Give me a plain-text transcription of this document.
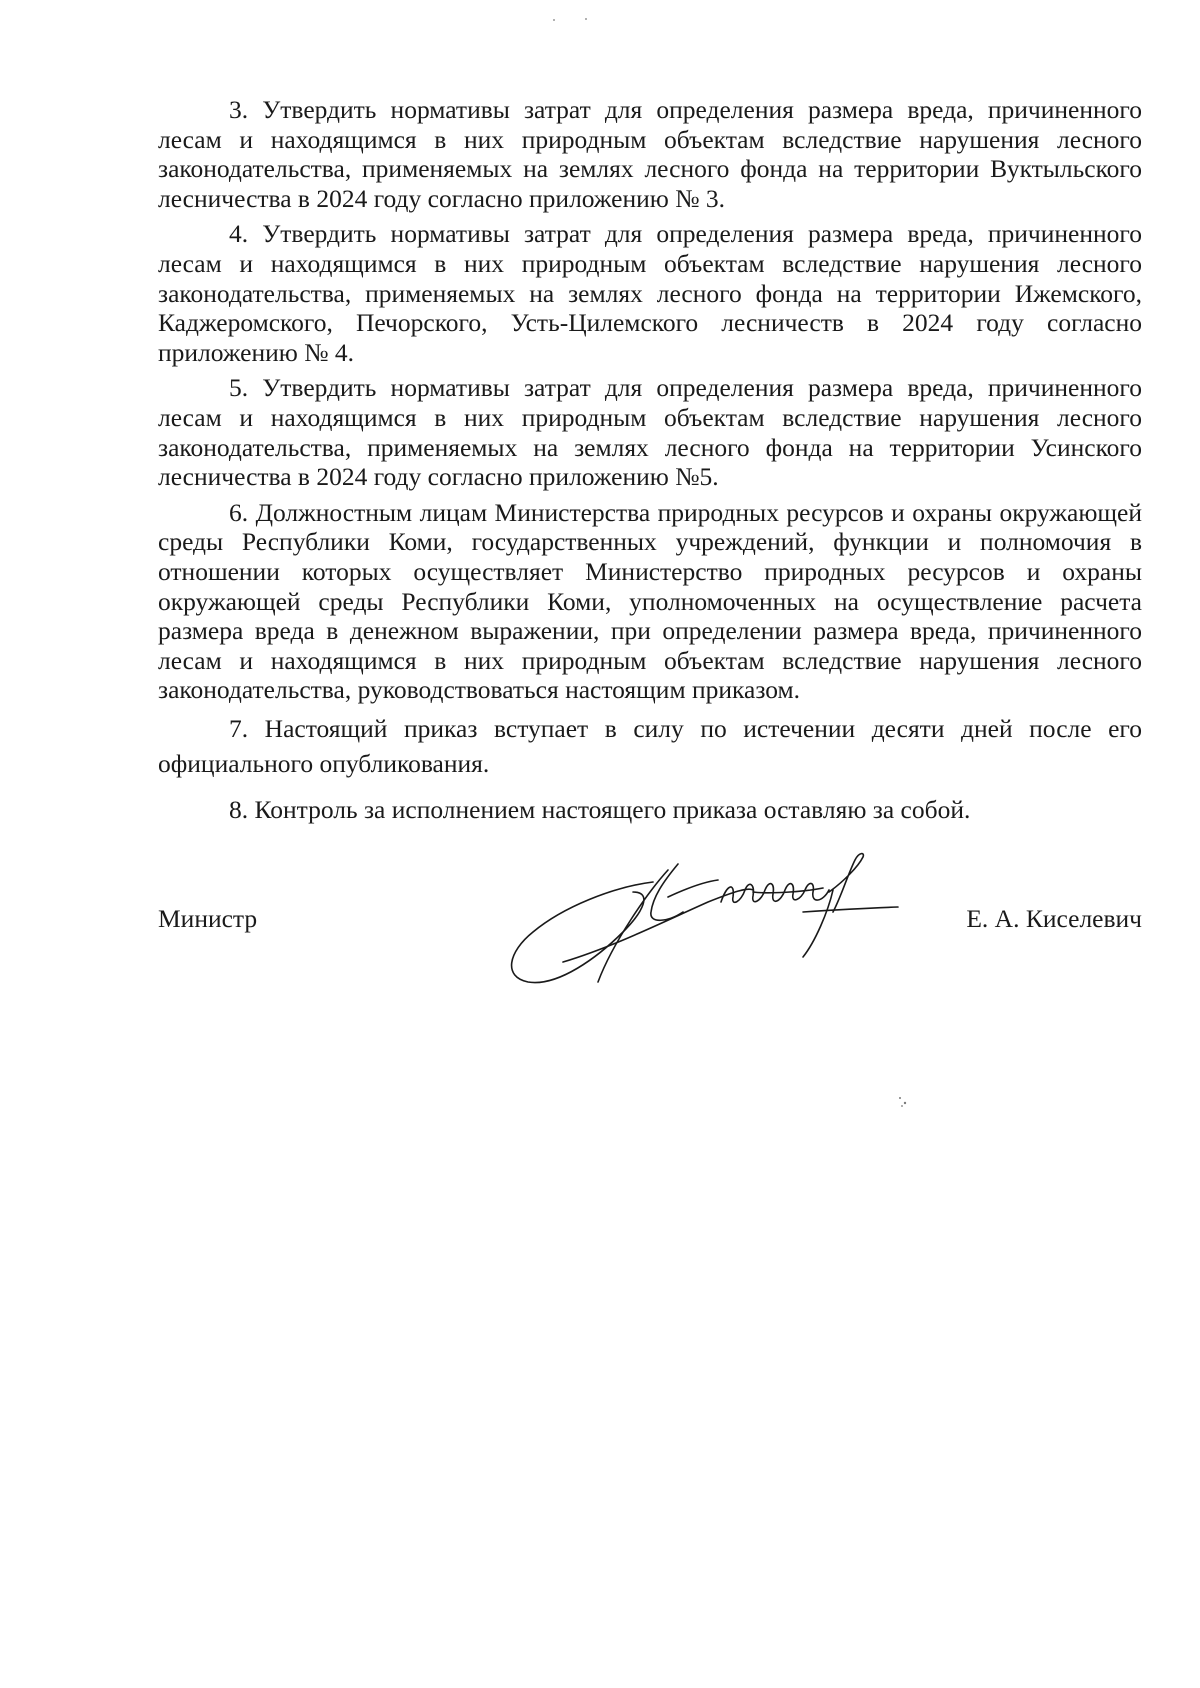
3. Утвердить нормативы затрат для определения размера вреда, причиненного лесам и находящимся в них природным объектам вследствие нарушения лесного законодательства, применяемых на землях лесного фонда на территории Вуктыльского лесничества в 2024 году согласно приложению № 3.

4. Утвердить нормативы затрат для определения размера вреда, причиненного лесам и находящимся в них природным объектам вследствие нарушения лесного законодательства, применяемых на землях лесного фонда на территории Ижемского, Каджеромского, Печорского, Усть-Цилемского лесничеств в 2024 году согласно приложению № 4.

5. Утвердить нормативы затрат для определения размера вреда, причиненного лесам и находящимся в них природным объектам вследствие нарушения лесного законодательства, применяемых на землях лесного фонда на территории Усинского лесничества в 2024 году согласно приложению №5.

6. Должностным лицам Министерства природных ресурсов и охраны окружающей среды Республики Коми, государственных учреждений, функции и полномочия в отношении которых осуществляет Министерство природных ресурсов и охраны окружающей среды Республики Коми, уполномоченных на осуществление расчета размера вреда в денежном выражении, при определении размера вреда, причиненного лесам и находящимся в них природным объектам вследствие нарушения лесного законодательства, руководствоваться настоящим приказом.

7. Настоящий приказ вступает в силу по истечении десяти дней после его официального опубликования.

8. Контроль за исполнением настоящего приказа оставляю за собой.

Министр	Е. А. Киселевич
